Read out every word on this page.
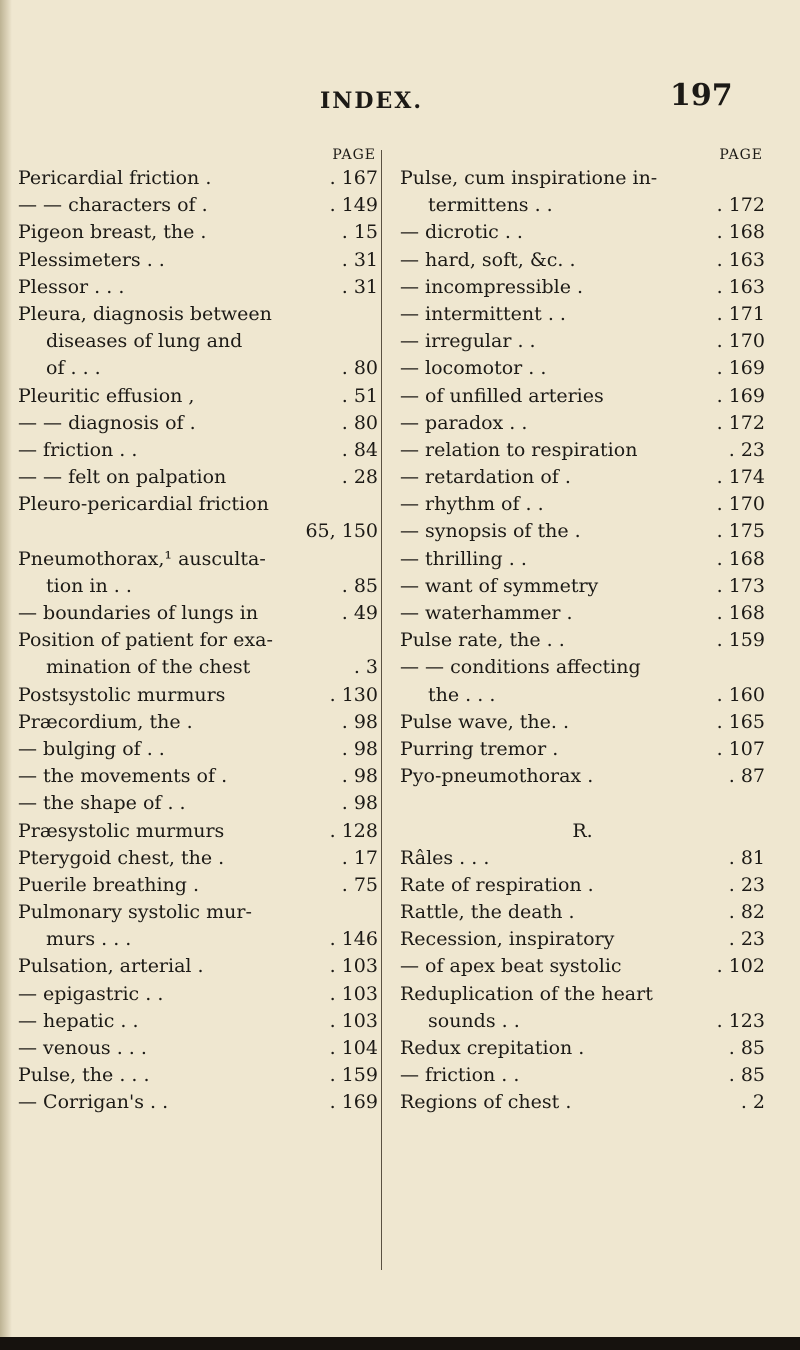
INDEX.	197
PAGE
Pericardial friction .	. 167
— — characters of .	. 149
Pigeon breast, the .	. 15
Plessimeters . .	. 31
Plessor . . .	. 31
Pleura, diagnosis between
diseases of lung and
of . . .	. 80
Pleuritic effusion ,	. 51
— — diagnosis of .	. 80
— friction . .	. 84
— — felt on palpation	. 28
Pleuro-pericardial friction
65, 150
Pneumothorax,¹ ausculta-
tion in . .	. 85
— boundaries of lungs in	. 49
Position of patient for exa-
mination of the chest	. 3
Postsystolic murmurs	. 130
Præcordium, the .	. 98
— bulging of . .	. 98
— the movements of .	. 98
— the shape of . .	. 98
Præsystolic murmurs	. 128
Pterygoid chest, the .	. 17
Puerile breathing .	. 75
Pulmonary systolic mur-
murs . . .	. 146
Pulsation, arterial .	. 103
— epigastric . .	. 103
— hepatic . .	. 103
— venous . . .	. 104
Pulse, the . . .	. 159
— Corrigan's . .	. 169
PAGE
Pulse, cum inspiratione in-
termittens . .	. 172
— dicrotic . .	. 168
— hard, soft, &c. .	. 163
— incompressible .	. 163
— intermittent . .	. 171
— irregular . .	. 170
— locomotor . .	. 169
— of unfilled arteries	. 169
— paradox . .	. 172
— relation to respiration	. 23
— retardation of .	. 174
— rhythm of . .	. 170
— synopsis of the .	. 175
— thrilling . .	. 168
— want of symmetry	. 173
— waterhammer .	. 168
Pulse rate, the . .	. 159
— — conditions affecting
the . . .	. 160
Pulse wave, the. .	. 165
Purring tremor .	. 107
Pyo-pneumothorax .	. 87
R.
Râles . . .	. 81
Rate of respiration .	. 23
Rattle, the death .	. 82
Recession, inspiratory	. 23
— of apex beat systolic	. 102
Reduplication of the heart
sounds . .	. 123
Redux crepitation .	. 85
— friction . .	. 85
Regions of chest .	. 2
